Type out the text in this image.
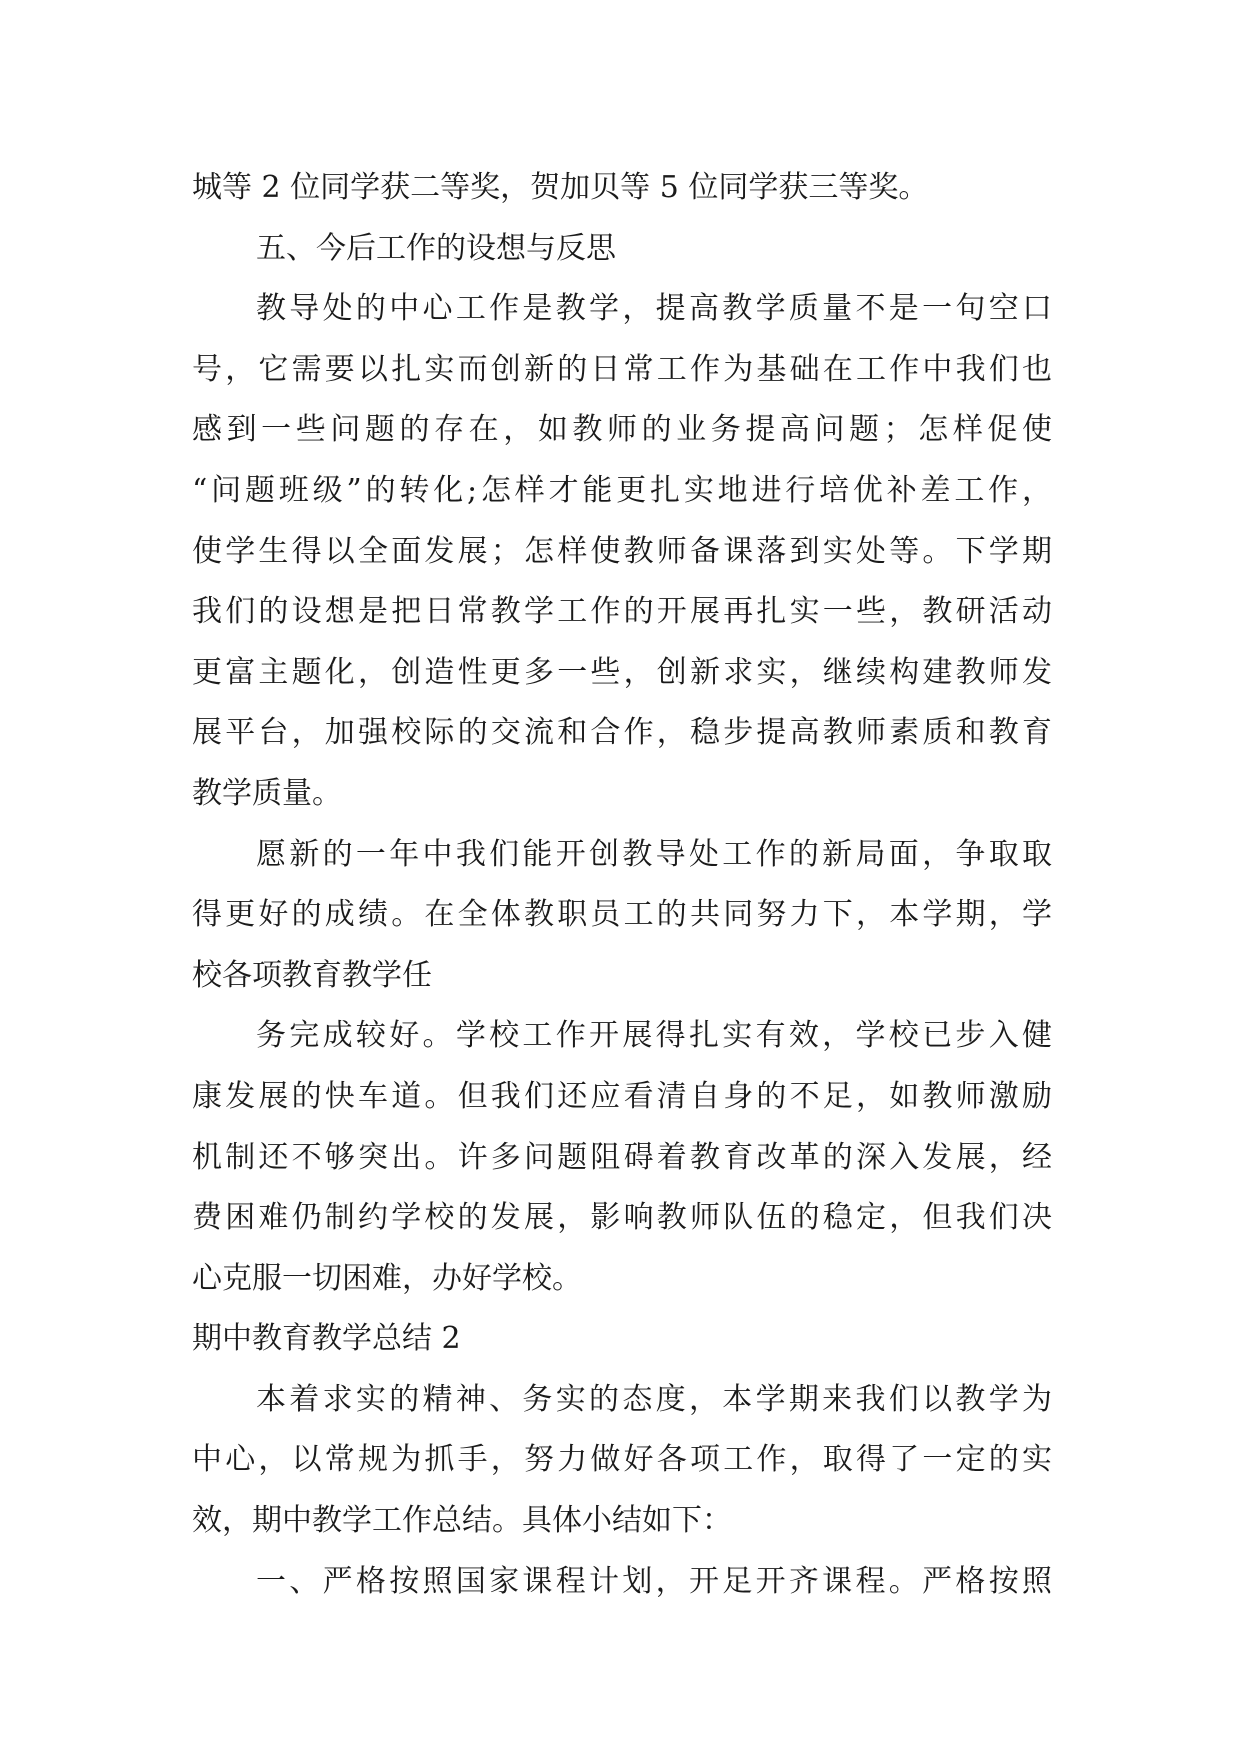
城等 2 位同学获二等奖，贺加贝等 5 位同学获三等奖。
五、今后工作的设想与反思
教导处的中心工作是教学，提高教学质量不是一句空口
号，它需要以扎实而创新的日常工作为基础在工作中我们也
感到一些问题的存在，如教师的业务提高问题；怎样促使
“问题班级”的转化;怎样才能更扎实地进行培优补差工作，
使学生得以全面发展；怎样使教师备课落到实处等。下学期
我们的设想是把日常教学工作的开展再扎实一些，教研活动
更富主题化，创造性更多一些，创新求实，继续构建教师发
展平台，加强校际的交流和合作，稳步提高教师素质和教育
教学质量。
愿新的一年中我们能开创教导处工作的新局面，争取取
得更好的成绩。在全体教职员工的共同努力下，本学期，学
校各项教育教学任
务完成较好。学校工作开展得扎实有效，学校已步入健
康发展的快车道。但我们还应看清自身的不足，如教师激励
机制还不够突出。许多问题阻碍着教育改革的深入发展，经
费困难仍制约学校的发展，影响教师队伍的稳定，但我们决
心克服一切困难，办好学校。
期中教育教学总结 2
本着求实的精神、务实的态度，本学期来我们以教学为
中心，以常规为抓手，努力做好各项工作，取得了一定的实
效，期中教学工作总结。具体小结如下：
一、严格按照国家课程计划，开足开齐课程。严格按照
